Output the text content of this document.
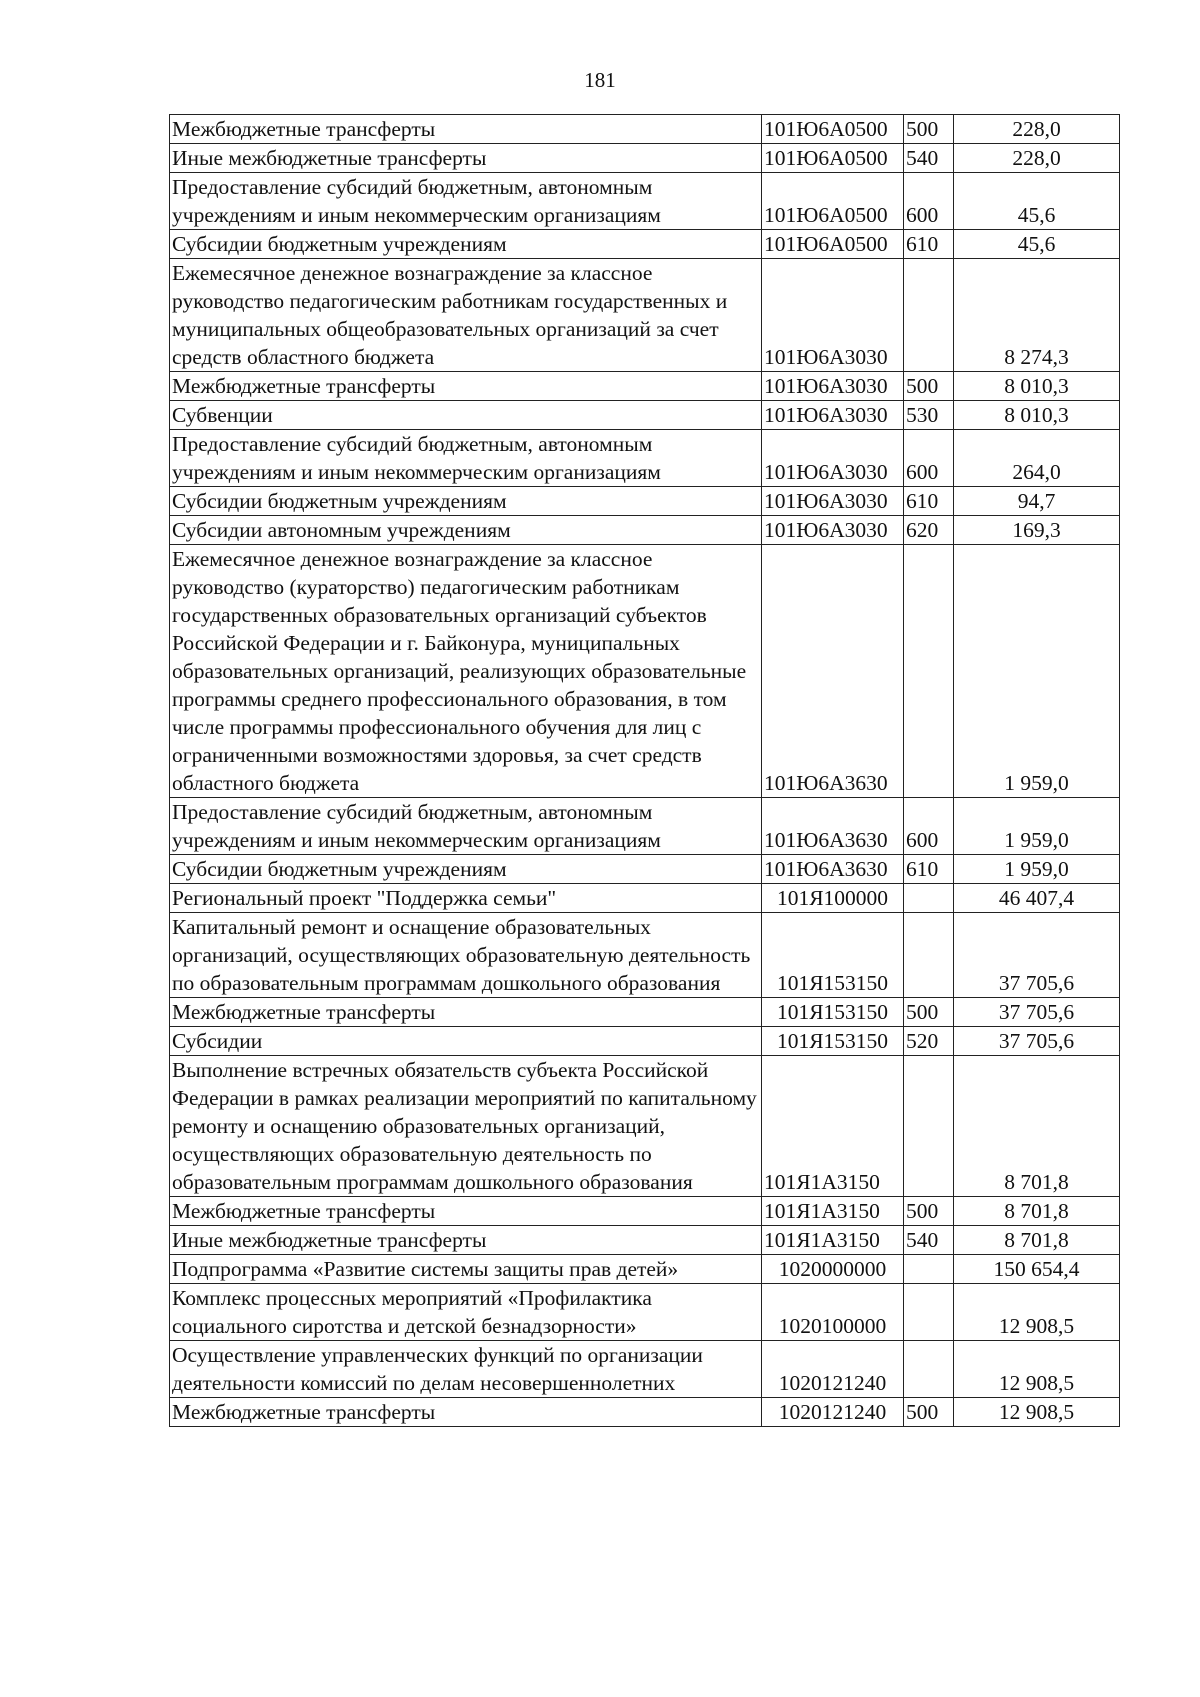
181
Межбюджетные трансферты	101Ю6А0500	500	228,0
Иные межбюджетные трансферты	101Ю6А0500	540	228,0
Предоставление субсидий бюджетным, автономным учреждениям и иным некоммерческим организациям	101Ю6А0500	600	45,6
Субсидии бюджетным учреждениям	101Ю6А0500	610	45,6
Ежемесячное денежное вознаграждение за классное руководство педагогическим работникам государственных и муниципальных общеобразовательных организаций за счет средств областного бюджета	101Ю6А3030		8 274,3
Межбюджетные трансферты	101Ю6А3030	500	8 010,3
Субвенции	101Ю6А3030	530	8 010,3
Предоставление субсидий бюджетным, автономным учреждениям и иным некоммерческим организациям	101Ю6А3030	600	264,0
Субсидии бюджетным учреждениям	101Ю6А3030	610	94,7
Субсидии автономным учреждениям	101Ю6А3030	620	169,3
Ежемесячное денежное вознаграждение за классное руководство (кураторство) педагогическим работникам государственных образовательных организаций субъектов Российской Федерации и г. Байконура, муниципальных образовательных организаций, реализующих образовательные программы среднего профессионального образования, в том числе программы профессионального обучения для лиц с ограниченными возможностями здоровья, за счет средств областного бюджета	101Ю6А3630		1 959,0
Предоставление субсидий бюджетным, автономным учреждениям и иным некоммерческим организациям	101Ю6А3630	600	1 959,0
Субсидии бюджетным учреждениям	101Ю6А3630	610	1 959,0
Региональный проект "Поддержка семьи"	101Я100000		46 407,4
Капитальный ремонт и оснащение образовательных организаций, осуществляющих образовательную деятельность по образовательным программам дошкольного образования	101Я153150		37 705,6
Межбюджетные трансферты	101Я153150	500	37 705,6
Субсидии	101Я153150	520	37 705,6
Выполнение встречных обязательств субъекта Российской Федерации в рамках реализации мероприятий по капитальному ремонту и оснащению образовательных организаций, осуществляющих образовательную деятельность по образовательным программам дошкольного образования	101Я1А3150		8 701,8
Межбюджетные трансферты	101Я1А3150	500	8 701,8
Иные межбюджетные трансферты	101Я1А3150	540	8 701,8
Подпрограмма «Развитие системы защиты прав детей»	1020000000		150 654,4
Комплекс процессных мероприятий «Профилактика социального сиротства и детской безнадзорности»	1020100000		12 908,5
Осуществление управленческих функций по организации деятельности комиссий по делам несовершеннолетних	1020121240		12 908,5
Межбюджетные трансферты	1020121240	500	12 908,5
